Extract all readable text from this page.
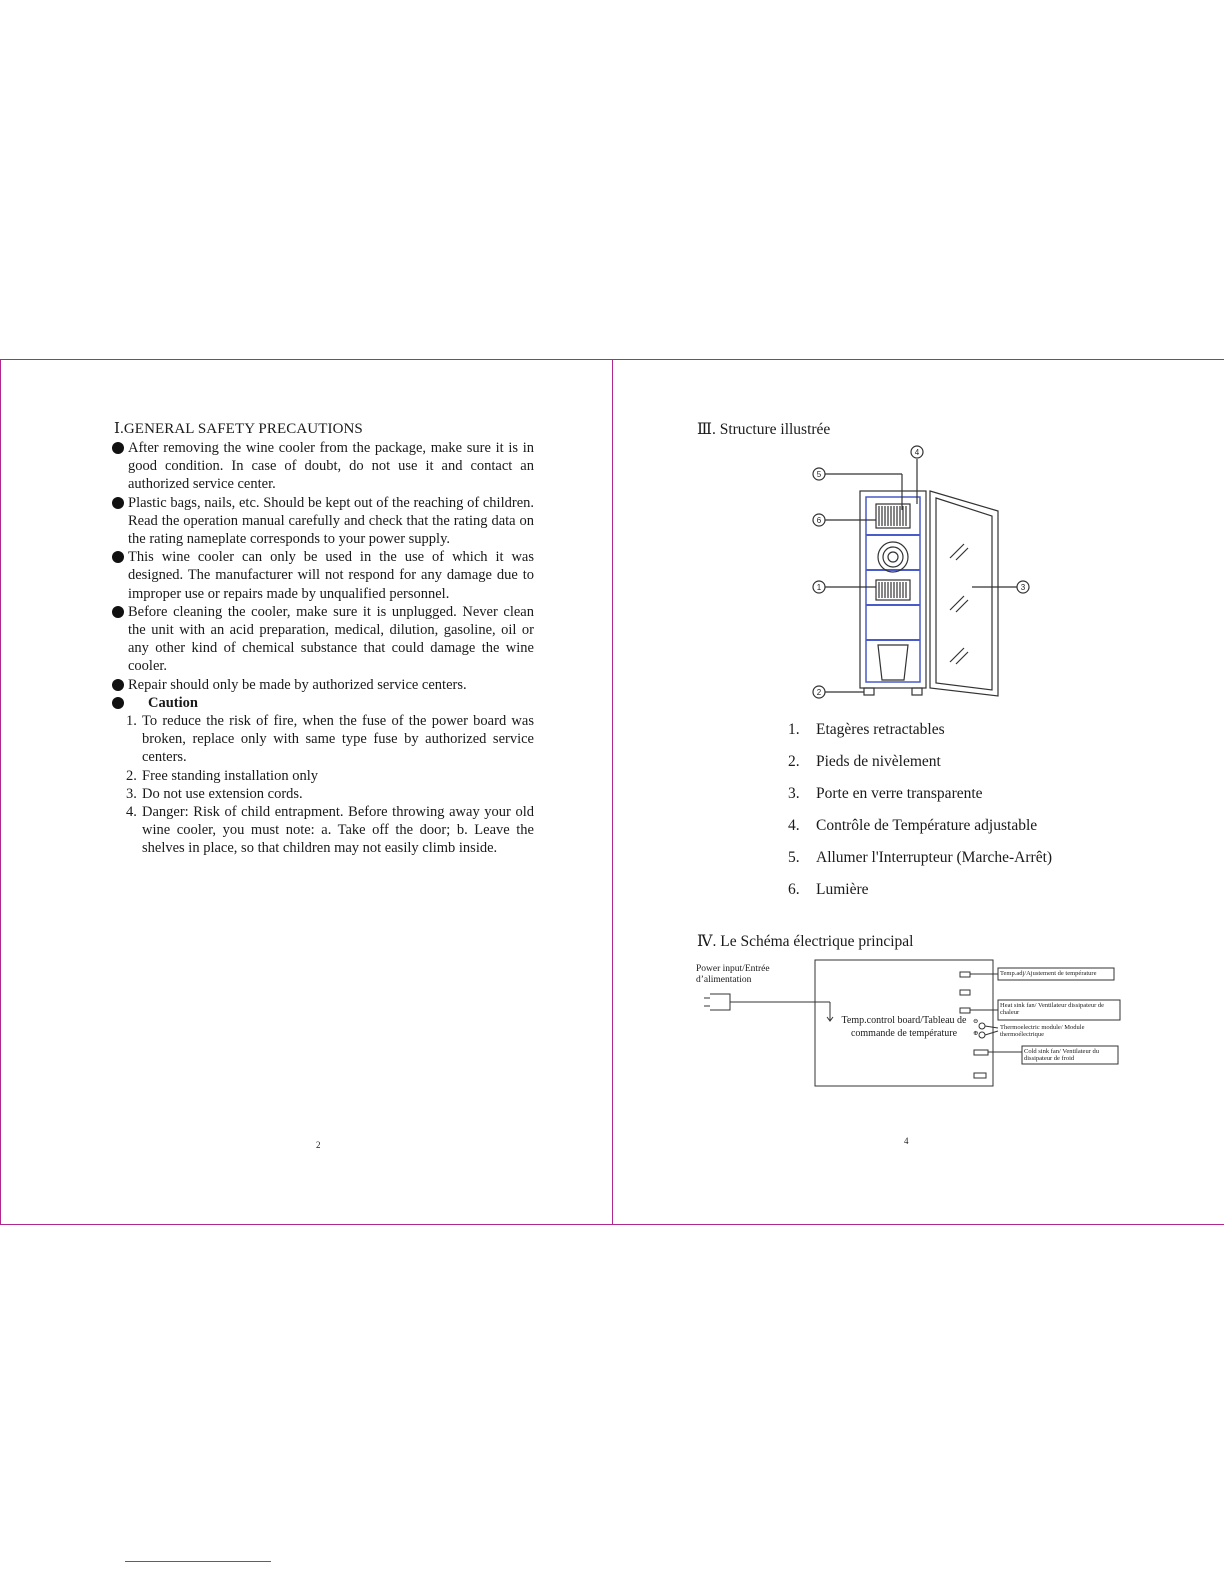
Ⅰ.GENERAL SAFETY PRECAUTIONS
After removing the wine cooler from the package, make sure it is in good condition. In case of doubt, do not use it and contact an authorized service center.
Plastic bags, nails, etc. Should be kept out of the reaching of children. Read the operation manual carefully and check that the rating data on the rating nameplate corresponds to your power supply.
This wine cooler can only be used in the use of which it was designed. The manufacturer will not respond for any damage due to improper use or repairs made by unqualified personnel.
Before cleaning the cooler, make sure it is unplugged. Never clean the unit with an acid preparation, medical, dilution, gasoline, oil or any other kind of chemical substance that could damage the wine cooler.
Repair should only be made by authorized service centers.
Caution
1. To reduce the risk of fire, when the fuse of the power board was broken, replace only with same type fuse by authorized service centers.
2. Free standing installation only
3. Do not use extension cords.
4. Danger: Risk of child entrapment. Before throwing away your old wine cooler, you must note: a. Take off the door; b. Leave the shelves in place, so that children may not easily climb inside.
2
Ⅲ. Structure illustrée
4
5
6
1	3
2
1. Etagères retractables
2. Pieds de nivèlement
3. Porte en verre transparente
4. Contrôle de Température adjustable
5. Allumer l'Interrupteur (Marche-Arrêt)
6. Lumière
Ⅳ. Le Schéma électrique principal
Power input/Entrée d’alimentation
Temp.control board/Tableau de commande de température
Temp.adj/Ajustement de température
Heat sink fan/ Ventilateur dissipateur de chaleur
Thermoelectric module/ Module thermoélectrique
Cold sink fan/ Ventilateur du dissipateur de froid
⊖
⊕
4
